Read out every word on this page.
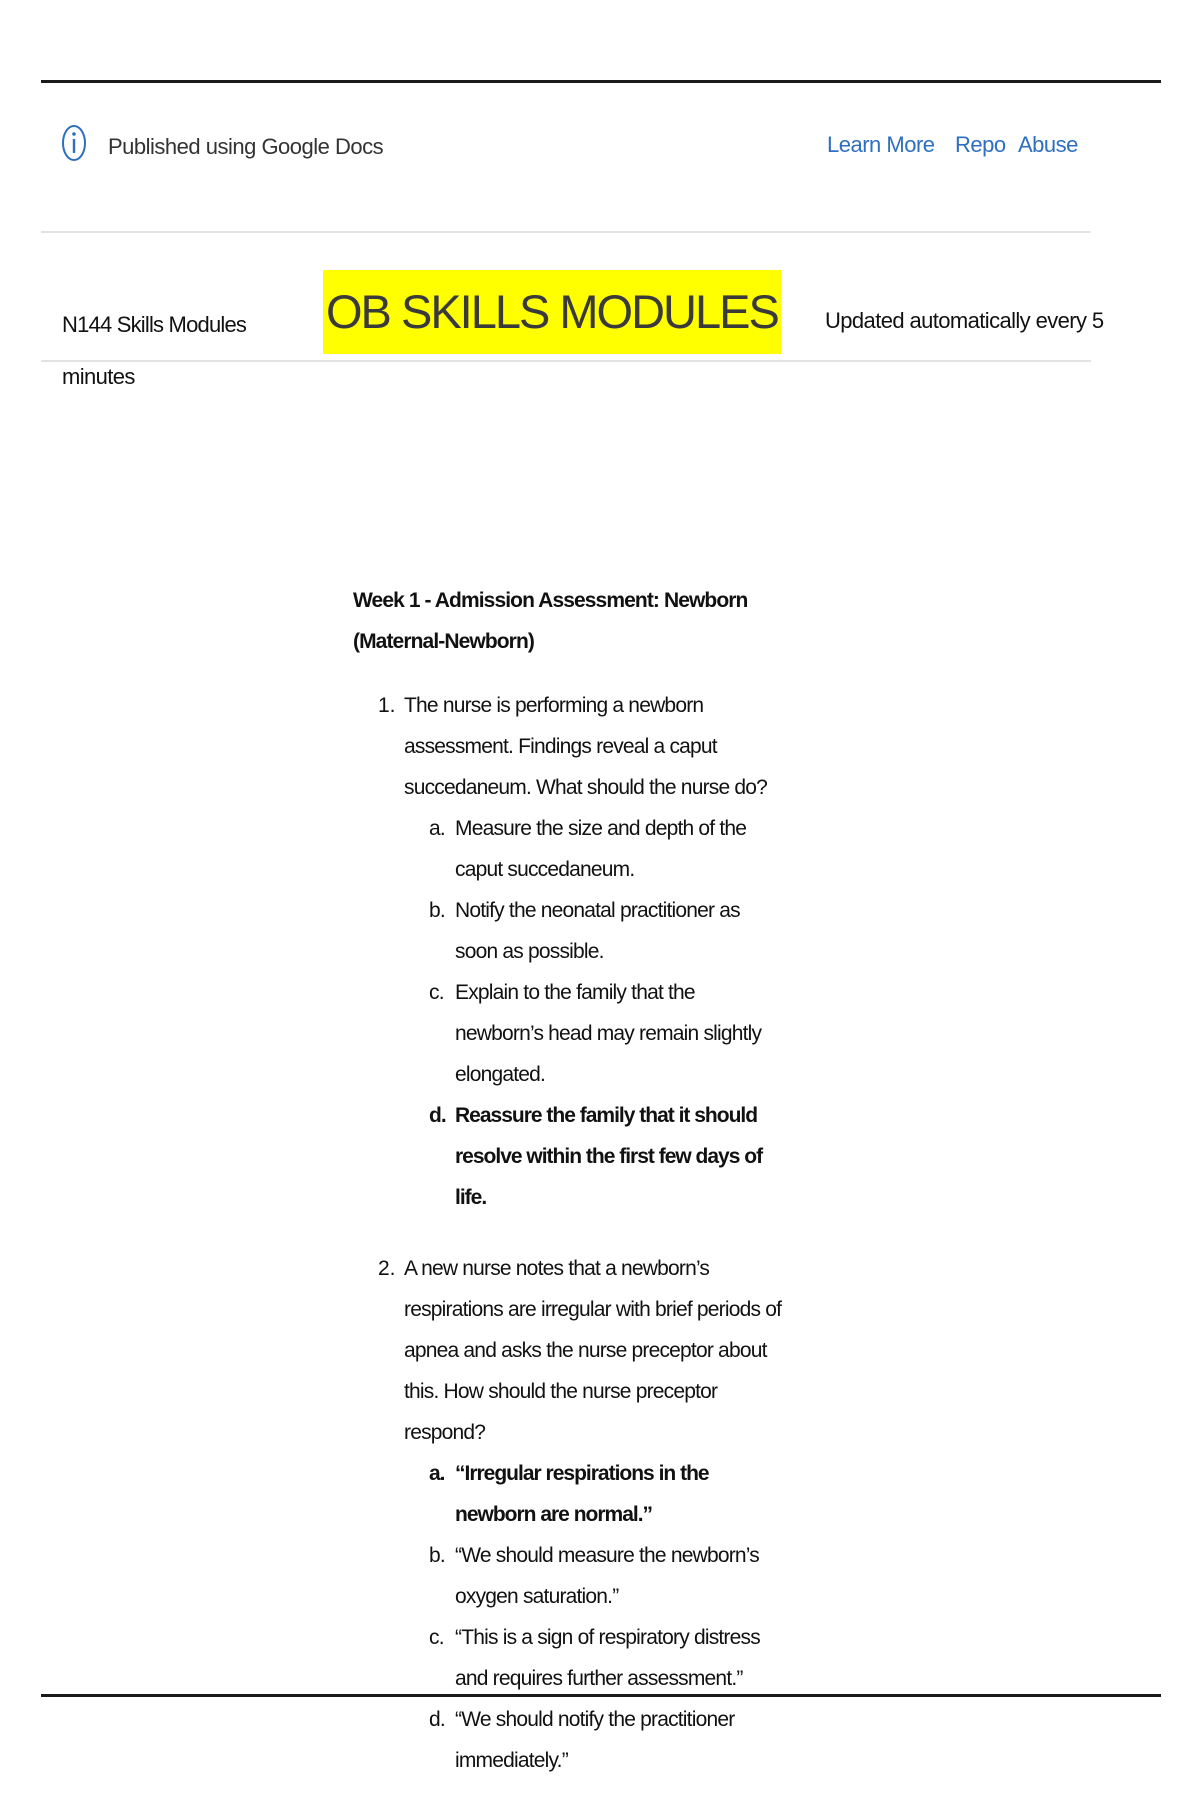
Published using Google Docs	Learn More Repo Abuse
N144 Skills Modules OB SKILLS MODULES Updated automatically every 5
minutes
Week 1 - Admission Assessment: Newborn (Maternal-Newborn)
1. The nurse is performing a newborn assessment. Findings reveal a caput succedaneum. What should the nurse do?
a. Measure the size and depth of the caput succedaneum.
b. Notify the neonatal practitioner as soon as possible.
c. Explain to the family that the newborn’s head may remain slightly elongated.
d. Reassure the family that it should resolve within the first few days of life.
2. A new nurse notes that a newborn’s respirations are irregular with brief periods of apnea and asks the nurse preceptor about this. How should the nurse preceptor respond?
a. “Irregular respirations in the newborn are normal.”
b. “We should measure the newborn’s oxygen saturation.”
c. “This is a sign of respiratory distress and requires further assessment.”
d. “We should notify the practitioner immediately.”
